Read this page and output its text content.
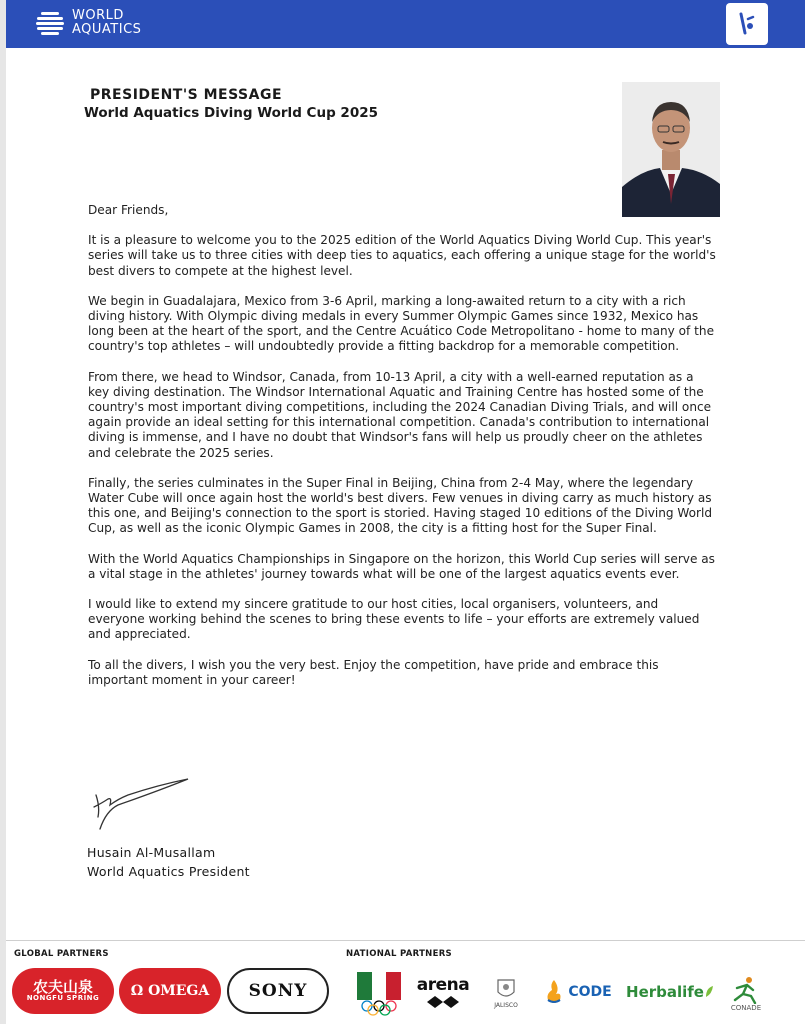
WORLD
AQUATICS
PRESIDENT'S MESSAGE
World Aquatics Diving World Cup 2025

Dear Friends,

It is a pleasure to welcome you to the 2025 edition of the World Aquatics Diving World Cup. This year's series will take us to three cities with deep ties to aquatics, each offering a unique stage for the world's best divers to compete at the highest level.

We begin in Guadalajara, Mexico from 3-6 April, marking a long-awaited return to a city with a rich diving history. With Olympic diving medals in every Summer Olympic Games since 1932, Mexico has long been at the heart of the sport, and the Centre Acuático Code Metropolitano - home to many of the country's top athletes – will undoubtedly provide a fitting backdrop for a memorable competition.

From there, we head to Windsor, Canada, from 10-13 April, a city with a well-earned reputation as a key diving destination. The Windsor International Aquatic and Training Centre has hosted some of the country's most important diving competitions, including the 2024 Canadian Diving Trials, and will once again provide an ideal setting for this international competition. Canada's contribution to international diving is immense, and I have no doubt that Windsor's fans will help us proudly cheer on the athletes and celebrate the 2025 series.

Finally, the series culminates in the Super Final in Beijing, China from 2-4 May, where the legendary Water Cube will once again host the world's best divers. Few venues in diving carry as much history as this one, and Beijing's connection to the sport is storied. Having staged 10 editions of the Diving World Cup, as well as the iconic Olympic Games in 2008, the city is a fitting host for the Super Final.

With the World Aquatics Championships in Singapore on the horizon, this World Cup series will serve as a vital stage in the athletes' journey towards what will be one of the largest aquatics events ever.

I would like to extend my sincere gratitude to our host cities, local organisers, volunteers, and everyone working behind the scenes to bring these events to life – your efforts are extremely valued and appreciated.

To all the divers, I wish you the very best. Enjoy the competition, have pride and embrace this important moment in your career!

Husain Al-Musallam
World Aquatics President
GLOBAL PARTNERS	NATIONAL PARTNERS
农夫山泉
NONGFU SPRING Ω OMEGA SONY	arena
JALISCO
CODE Herbalife
CONADE
